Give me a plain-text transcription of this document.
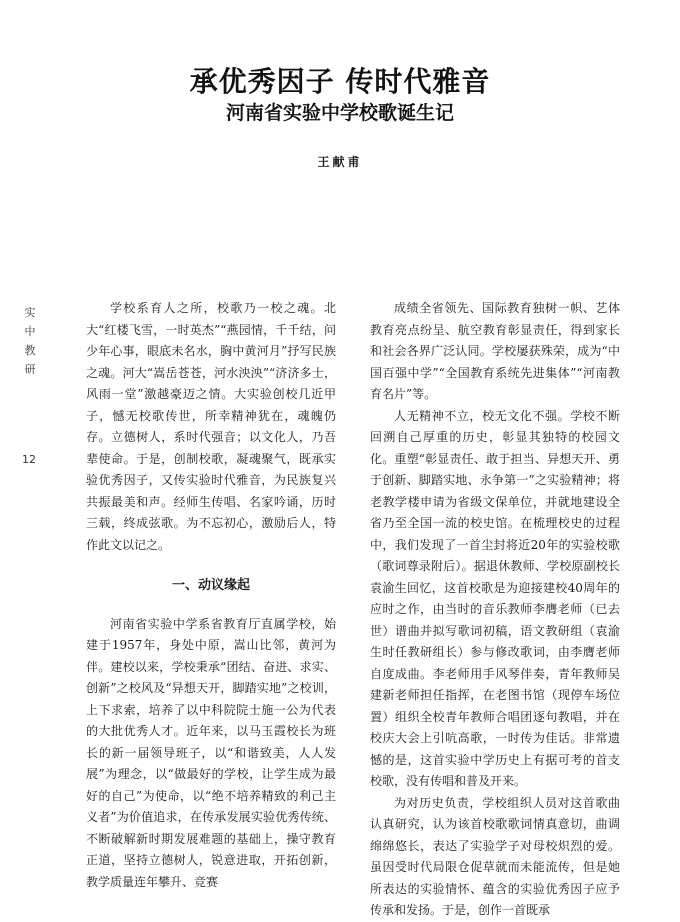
承优秀因子 传时代雅音
河南省实验中学校歌诞生记
王献甫
实
中
教
研
12

学校系育人之所，校歌乃一校之魂。北大“红楼飞雪，一时英杰”“燕园情，千千结，问少年心事，眼底未名水，胸中黄河月”抒写民族之魂。河大“嵩岳苍苍，河水泱泱”“济济多士，风雨一堂”激越豪迈之情。大实验创校几近甲子，憾无校歌传世，所幸精神犹在，魂魄仍存。立德树人，系时代强音；以文化人，乃吾辈使命。于是，创制校歌，凝魂聚气，既承实验优秀因子，又传实验时代雅音，为民族复兴共振最美和声。经师生传唱、名家吟诵，历时三载，终成弦歌。为不忘初心，激励后人，特作此文以记之。

一、动议缘起

河南省实验中学系省教育厅直属学校，始建于1957年，身处中原，嵩山比邻，黄河为伴。建校以来，学校秉承“团结、奋进、求实、创新”之校风及“异想天开，脚踏实地”之校训，上下求索，培养了以中科院院士施一公为代表的大批优秀人才。近年来，以马玉霞校长为班长的新一届领导班子，以“和谐致美，人人发展”为理念，以“做最好的学校，让学生成为最好的自己”为使命，以“绝不培养精致的利己主义者”为价值追求，在传承发展实验优秀传统、不断破解新时期发展难题的基础上，操守教育正道，坚持立德树人，锐意进取，开拓创新，教学质量连年攀升、竞赛

成绩全省领先、国际教育独树一帜、艺体教育亮点纷呈、航空教育彰显责任，得到家长和社会各界广泛认同。学校屡获殊荣，成为“中国百强中学”“全国教育系统先进集体”“河南教育名片”等。

人无精神不立，校无文化不强。学校不断回溯自己厚重的历史，彰显其独特的校园文化。重塑“彰显责任、敢于担当、异想天开、勇于创新、脚踏实地、永争第一”之实验精神；将老教学楼申请为省级文保单位，并就地建设全省乃至全国一流的校史馆。在梳理校史的过程中，我们发现了一首尘封将近20年的实验校歌（歌词尊录附后）。据退休教师、学校原副校长袁渝生回忆，这首校歌是为迎接建校40周年的应时之作，由当时的音乐教师李膺老师（已去世）谱曲并拟写歌词初稿，语文教研组（袁渝生时任教研组长）参与修改歌词，由李膺老师自度成曲。李老师用手风琴伴奏，青年教师吴建新老师担任指挥，在老图书馆（现停车场位置）组织全校青年教师合唱团逐句教唱，并在校庆大会上引吭高歌，一时传为佳话。非常遗憾的是，这首实验中学历史上有据可考的首支校歌，没有传唱和普及开来。

为对历史负责，学校组织人员对这首歌曲认真研究，认为该首校歌歌词情真意切，曲调绵绵悠长，表达了实验学子对母校炽烈的爱。虽因受时代局限仓促草就而未能流传，但是她所表达的实验情怀、蕴含的实验优秀因子应予传承和发扬。于是，创作一首既承
